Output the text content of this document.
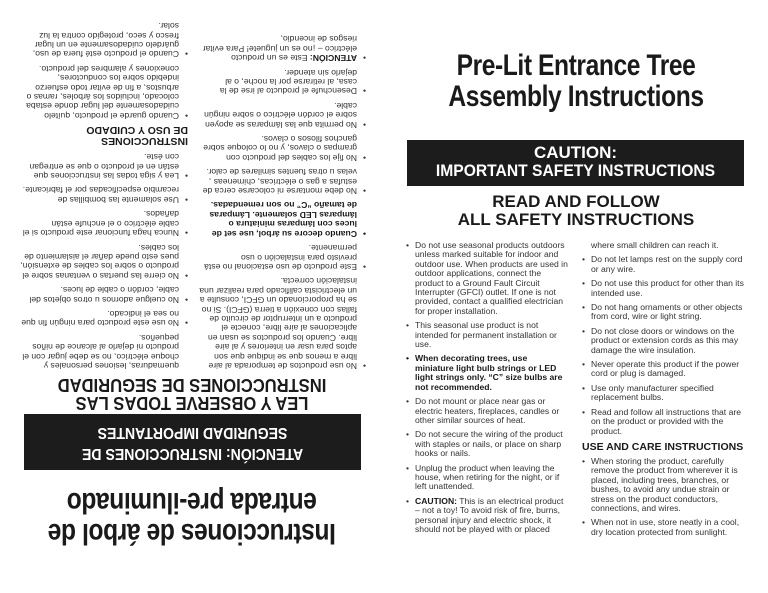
Instrucciones de árbol de
entrada pre-iluminado
ATENCIÓN: INSTRUCCIONES DE
SEGURIDAD IMPORTANTES
LEA Y OBSERVE TODAS LAS
INSTRUCCIONES DE SEGURIDAD
• No use productos de temporada al aire libre a menos que se indique que son aptos para usar en interiores y al aire libre. Cuando los productos se usan en aplicaciones al aire libre, conecte el producto a un interruptor de circuito de fallas con conexión a tierra (GFCI). Si no se ha proporcionado un GFCI, consulte a un electricista calificado para realizar una instalación correcta.
• Este producto de uso estacional no está previsto para instalación o uso permanente.
• Cuando decore su árbol, use set de luces con lámparas miniatura o lámparas LED solamente. Lámparas de tamaño “C” no son remendadas.
• No debe montarse ni colocarse cerca de estufas a gas o eléctricas, chimeneas , velas u otras fuentes similares de calor.
• No fije los cables del producto con grampas o clavos, y no lo coloque sobre ganchos filosos o clavos.
• No permita que las lámparas se apoyen sobre el cordón eléctrico o sobre ningún cable.
• Desenchufe el producto al irse de la casa, al retirarse por la noche, o al dejarlo sin atender.
• ATENCIÓN: Este es un producto eléctrico – ¡no es un juguete! Para evitar riesgos de incendio,
quemaduras, lesiones personales y choque eléctrico, no se debe jugar con el producto ni dejarlo al alcance de niños pequeños.
• No use este producto para ningún fin que no sea el indicado.
• No cuelgue adornos u otros objetos del cable, cordón o cable de luces.
• No cierre las puertas o ventanas sobre el producto o sobre los cables de extensión, pues esto puede dañar el aislamiento de los cables.
• Nunca haga funcionar este producto si el cable eléctrico o el enchufe están dañados.
• Use solamente las bombillas de recambio especificadas por el fabricante.
• Lea y siga todas las instrucciones que están en el producto o que se entregan con éste.
INSTRUCCIONES
DE USO Y CUIDADO
• Cuando guarde el producto, quítelo cuidadosamente del lugar donde estaba colocado, incluidos los árboles, ramas o arbustos, a fin de evitar todo esfuerzo indebido sobre los conductores, conexiones y alambres del producto.
• Cuando el producto esté fuera de uso, guárdelo cuidadosamente en un lugar fresco y seco, protegido contra la luz solar.
Pre-Lit Entrance Tree
Assembly Instructions
CAUTION:
IMPORTANT SAFETY INSTRUCTIONS
READ AND FOLLOW
ALL SAFETY INSTRUCTIONS
• Do not use seasonal products outdoors unless marked suitable for indoor and outdoor use. When products are used in outdoor applications, connect the product to a Ground Fault Circuit Interrupter (GFCI) outlet. If one is not provided, contact a qualified electrician for proper installation.
• This seasonal use product is not intended for permanent installation or use.
• When decorating trees, use miniature light bulb strings or LED light strings only. “C” size bulbs are not recommended.
• Do not mount or place near gas or electric heaters, fireplaces, candles or other similar sources of heat.
• Do not secure the wiring of the product with staples or nails, or place on sharp hooks or nails.
• Unplug the product when leaving the house, when retiring for the night, or if left unattended.
• CAUTION: This is an electrical product – not a toy! To avoid risk of fire, burns, personal injury and electric shock, it should not be played with or placed
where small children can reach it.
• Do not let lamps rest on the supply cord or any wire.
• Do not use this product for other than its intended use.
• Do not hang ornaments or other objects from cord, wire or light string.
• Do not close doors or windows on the product or extension cords as this may damage the wire insulation.
• Never operate this product if the power cord or plug is damaged.
• Use only manufacturer specified replacement bulbs.
• Read and follow all instructions that are on the product or provided with the product.
USE AND CARE INSTRUCTIONS
• When storing the product, carefully remove the product from wherever it is placed, including trees, branches, or bushes, to avoid any undue strain or stress on the product conductors, connections, and wires.
• When not in use, store neatly in a cool, dry location protected from sunlight.
